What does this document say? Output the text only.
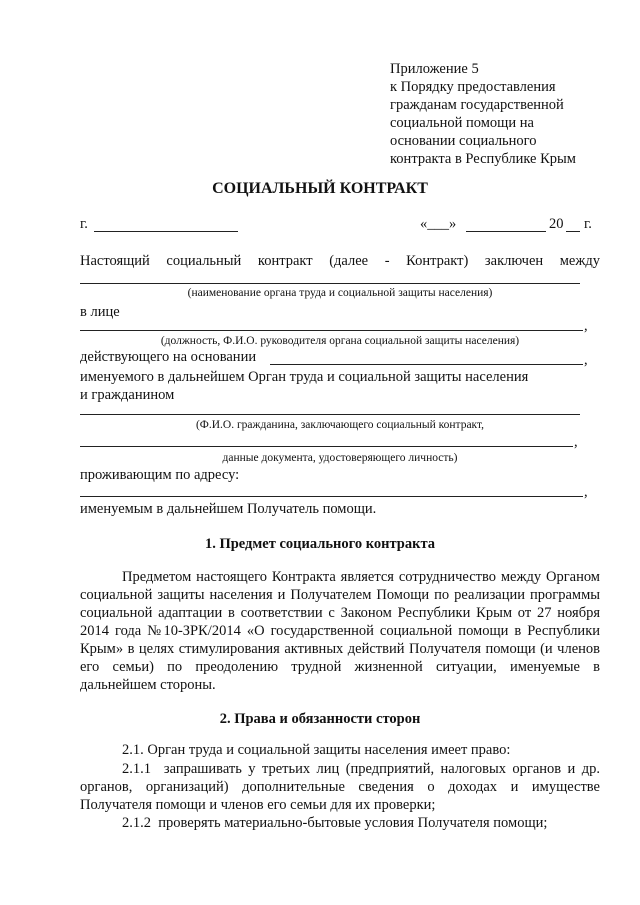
Приложение 5
к Порядку предоставления
гражданам государственной
социальной помощи на
основании социального
контракта в Республике Крым
СОЦИАЛЬНЫЙ КОНТРАКТ
г.	«___»	20 г.
Настоящий социальный контракт (далее - Контракт) заключен между
(наименование органа труда и социальной защиты населения)
в лице
,
(должность, Ф.И.О. руководителя органа социальной защиты населения)
действующего на основании	,
именуемого в дальнейшем Орган труда и социальной защиты населения
и гражданином
(Ф.И.О. гражданина, заключающего социальный контракт,
,
данные документа, удостоверяющего личность)
проживающим по адресу:
,
именуемым в дальнейшем Получатель помощи.
1. Предмет социального контракта
Предметом настоящего Контракта является сотрудничество между Органом социальной защиты населения и Получателем Помощи по реализации программы социальной адаптации в соответствии с Законом Республики Крым от 27 ноября 2014 года №10-ЗРК/2014 «О государственной социальной помощи в Республики Крым» в целях стимулирования активных действий Получателя помощи (и членов его семьи) по преодолению трудной жизненной ситуации, именуемые в дальнейшем стороны.
2. Права и обязанности сторон
2.1. Орган труда и социальной защиты населения имеет право:
2.1.1 запрашивать у третьих лиц (предприятий, налоговых органов и др. органов, организаций) дополнительные сведения о доходах и имуществе Получателя помощи и членов его семьи для их проверки;
2.1.2 проверять материально-бытовые условия Получателя помощи;
